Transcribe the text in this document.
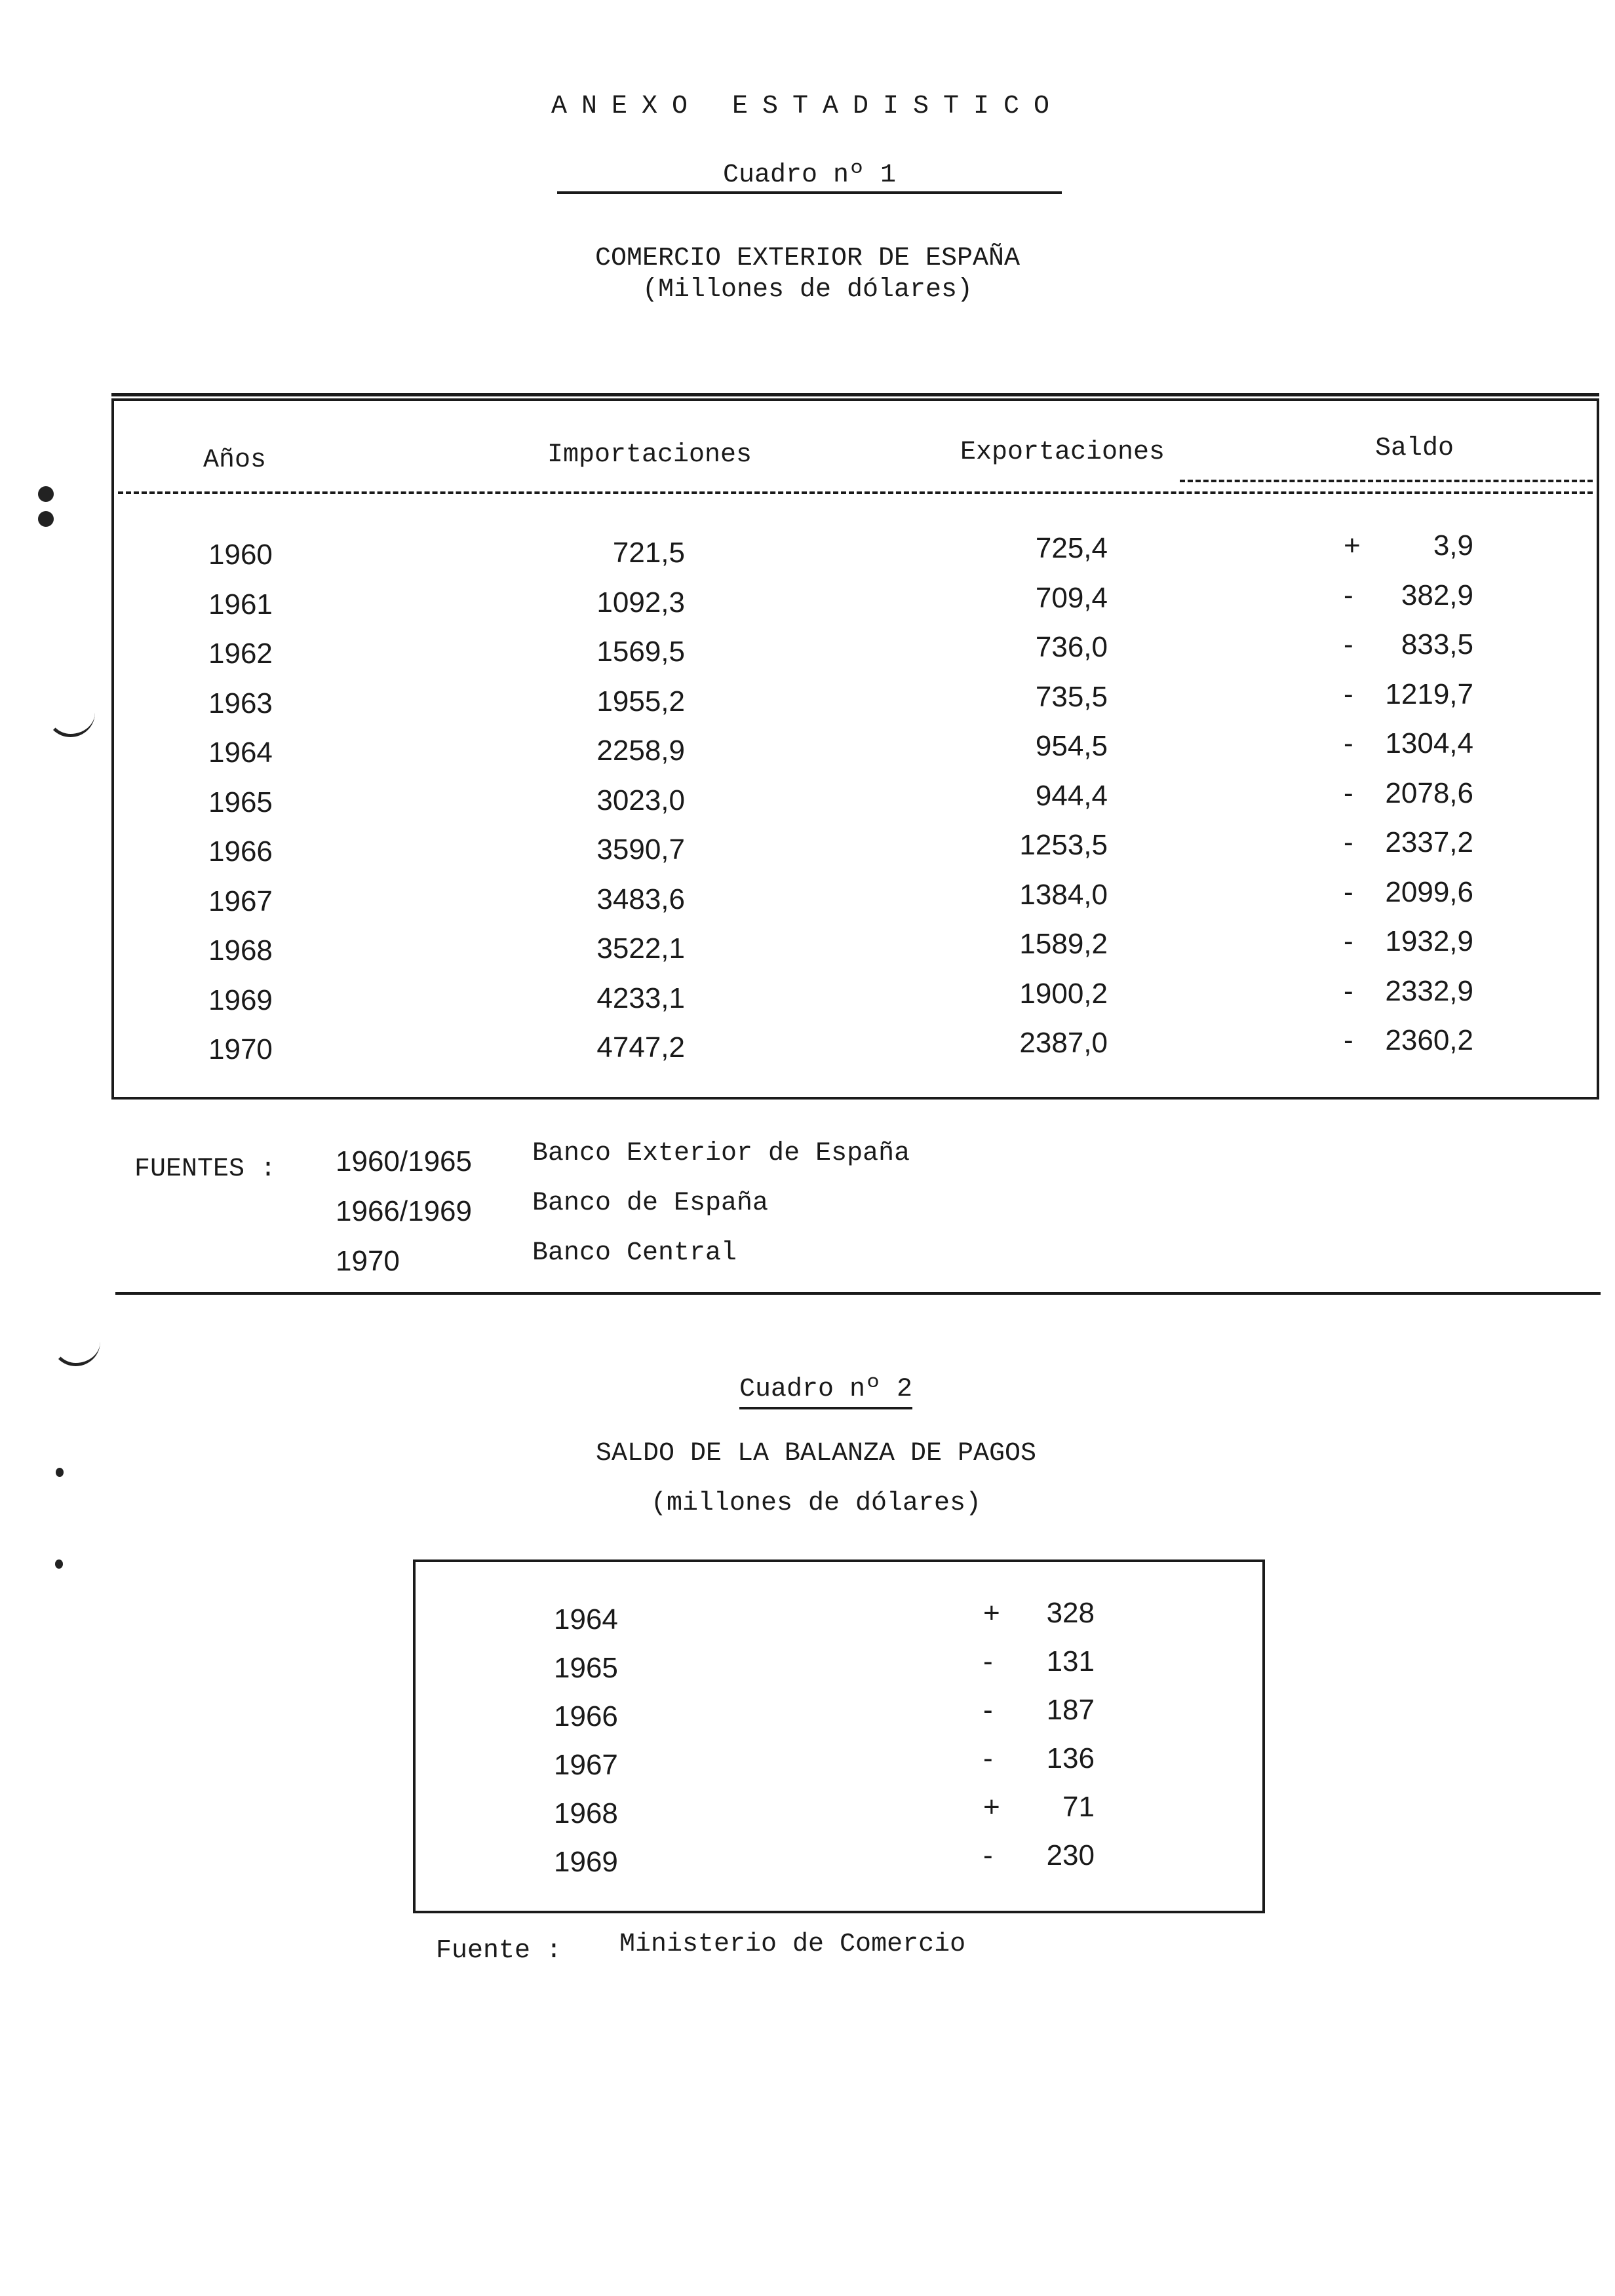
ANEXO ESTADISTICO
Cuadro nº 1
COMERCIO EXTERIOR DE ESPAÑA
(Millones de dólares)
Años	Importaciones	Exportaciones	Saldo
1960	721,5	725,4	+	3,9
1961	1092,3	709,4	-	382,9
1962	1569,5	736,0	-	833,5
1963	1955,2	735,5	-	1219,7
1964	2258,9	954,5	-	1304,4
1965	3023,0	944,4	-	2078,6
1966	3590,7	1253,5	-	2337,2
1967	3483,6	1384,0	-	2099,6
1968	3522,1	1589,2	-	1932,9
1969	4233,1	1900,2	-	2332,9
1970	4747,2	2387,0	-	2360,2
FUENTES : 1960/1965 Banco Exterior de España
1966/1969 Banco de España
1970	Banco Central
Cuadro nº 2
SALDO DE LA BALANZA DE PAGOS
(millones de dólares)
1964	+	328
1965	-	131
1966	-	187
1967	-	136
1968	+	71
1969	-	230
Fuente : Ministerio de Comercio
